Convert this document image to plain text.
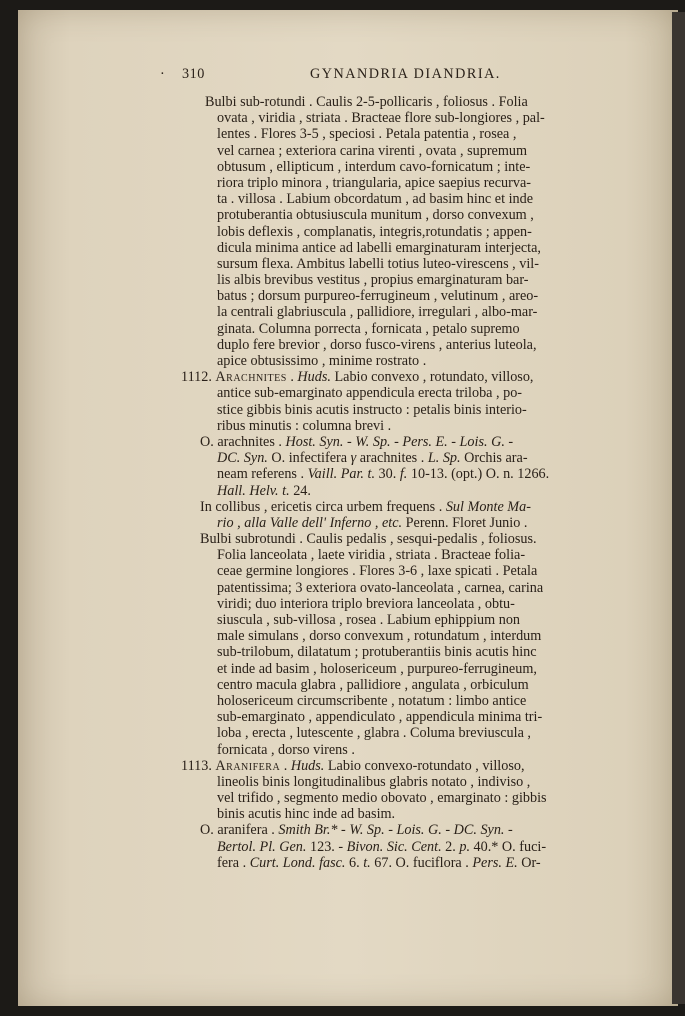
· 310	GYNANDRIA DIANDRIA.
Bulbi sub-rotundi . Caulis 2-5-pollicaris , foliosus . Folia
ovata , viridia , striata . Bracteae flore sub-longiores , pal-
lentes . Flores 3-5 , speciosi . Petala patentia , rosea ,
vel carnea ; exteriora carina virenti , ovata , supremum
obtusum , ellipticum , interdum cavo-fornicatum ; inte-
riora triplo minora , triangularia, apice saepius recurva-
ta . villosa . Labium obcordatum , ad basim hinc et inde
protuberantia obtusiuscula munitum , dorso convexum ,
lobis deflexis , complanatis, integris,rotundatis ; appen-
dicula minima antice ad labelli emarginaturam interjecta,
sursum flexa. Ambitus labelli totius luteo-virescens , vil-
lis albis brevibus vestitus , propius emarginaturam bar-
batus ; dorsum purpureo-ferrugineum , velutinum , areo-
la centrali glabriuscula , pallidiore, irregulari , albo-mar-
ginata. Columna porrecta , fornicata , petalo supremo
duplo fere brevior , dorso fusco-virens , anterius luteola,
apice obtusissimo , minime rostrato .
1112. Arachnites . Huds. Labio convexo , rotundato, villoso,
antice sub-emarginato appendicula erecta triloba , po-
stice gibbis binis acutis instructo : petalis binis interio-
ribus minutis : columna brevi .
O. arachnites . Host. Syn. - W. Sp. - Pers. E. - Lois. G. -
DC. Syn. O. infectifera γ arachnites . L. Sp. Orchis ara-
neam referens . Vaill. Par. t. 30. f. 10-13. (opt.) O. n. 1266.
Hall. Helv. t. 24.
In collibus , ericetis circa urbem frequens . Sul Monte Ma-
rio , alla Valle dell' Inferno , etc. Perenn. Floret Junio .
Bulbi subrotundi . Caulis pedalis , sesqui-pedalis , foliosus.
Folia lanceolata , laete viridia , striata . Bracteae folia-
ceae germine longiores . Flores 3-6 , laxe spicati . Petala
patentissima; 3 exteriora ovato-lanceolata , carnea, carina
viridi; duo interiora triplo breviora lanceolata , obtu-
siuscula , sub-villosa , rosea . Labium ephippium non
male simulans , dorso convexum , rotundatum , interdum
sub-trilobum, dilatatum ; protuberantiis binis acutis hinc
et inde ad basim , holosericeum , purpureo-ferrugineum,
centro macula glabra , pallidiore , angulata , orbiculum
holosericeum circumscribente , notatum : limbo antice
sub-emarginato , appendiculato , appendicula minima tri-
loba , erecta , lutescente , glabra . Columa breviuscula ,
fornicata , dorso virens .
1113. Aranifera . Huds. Labio convexo-rotundato , villoso,
lineolis binis longitudinalibus glabris notato , indiviso ,
vel trifido , segmento medio obovato , emarginato : gibbis
binis acutis hinc inde ad basim.
O. aranifera . Smith Br.* - W. Sp. - Lois. G. - DC. Syn. -
Bertol. Pl. Gen. 123. - Bivon. Sic. Cent. 2. p. 40.* O. fuci-
fera . Curt. Lond. fasc. 6. t. 67. O. fuciflora . Pers. E. Or-
